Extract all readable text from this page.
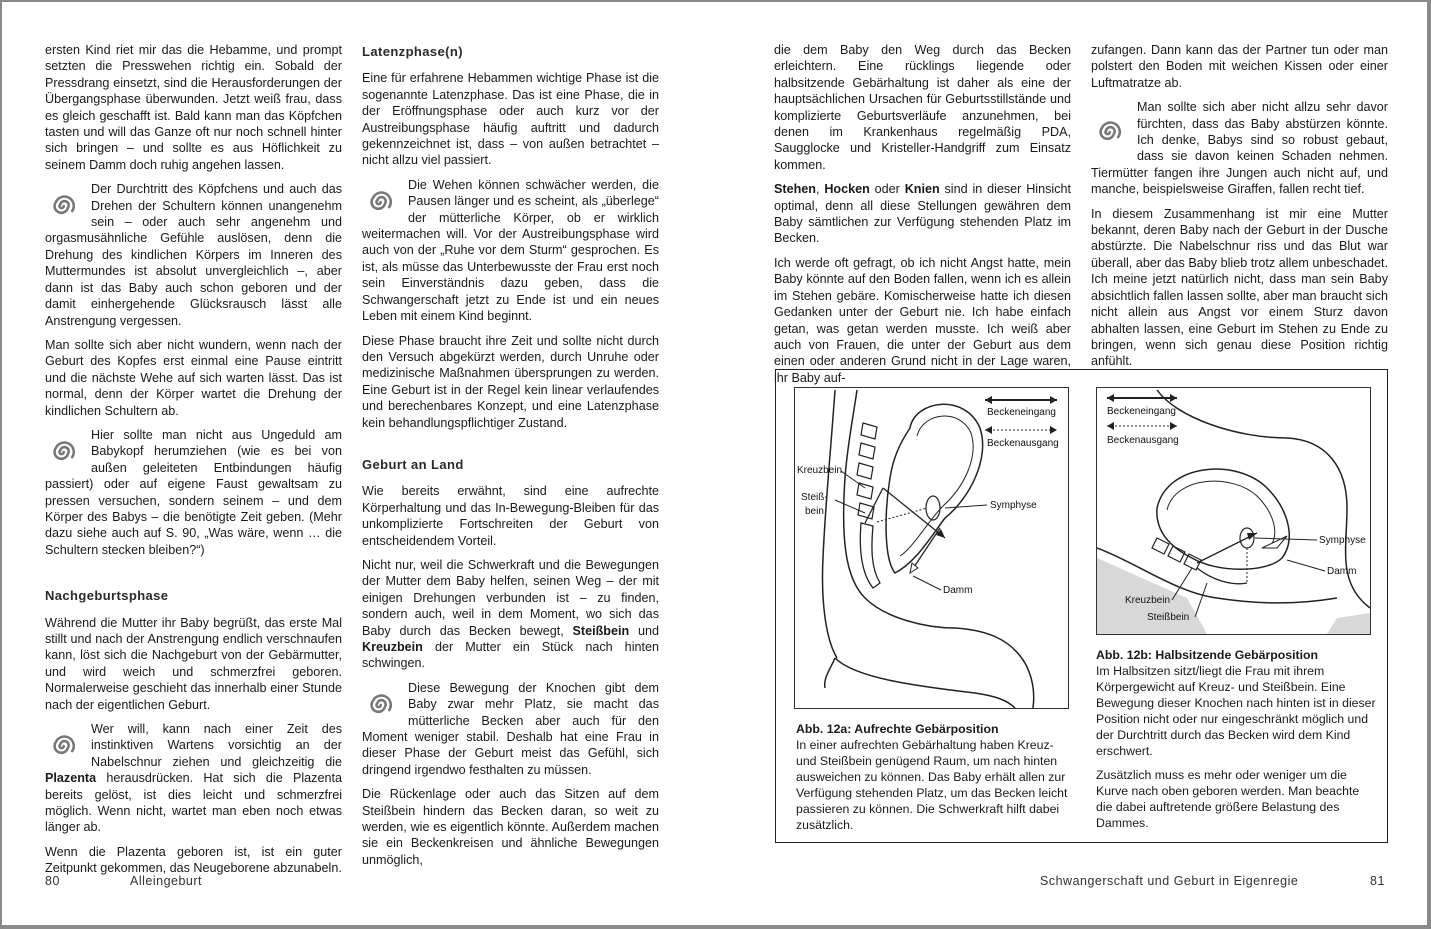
ersten Kind riet mir das die Hebamme, und prompt setzten die Presswehen richtig ein. Sobald der Pressdrang einsetzt, sind die Herausforderungen der Übergangsphase überwunden. Jetzt weiß frau, dass es gleich geschafft ist. Bald kann man das Köpfchen tasten und will das Ganze oft nur noch schnell hinter sich bringen – und sollte es aus Höflichkeit zu seinem Damm doch ruhig angehen lassen.

Der Durchtritt des Köpfchens und auch das Drehen der Schultern können unangenehm sein – oder auch sehr angenehm und orgasmusähnliche Gefühle auslösen, denn die Drehung des kindlichen Körpers im Inneren des Muttermundes ist absolut unvergleichlich –, aber dann ist das Baby auch schon geboren und der damit einhergehende Glücksrausch lässt alle Anstrengung vergessen.

Man sollte sich aber nicht wundern, wenn nach der Geburt des Kopfes erst einmal eine Pause eintritt und die nächste Wehe auf sich warten lässt. Das ist normal, denn der Körper wartet die Drehung der kindlichen Schultern ab.

Hier sollte man nicht aus Ungeduld am Babykopf herumziehen (wie es bei von außen geleiteten Entbindungen häufig passiert) oder auf eigene Faust gewaltsam zu pressen versuchen, sondern seinem – und dem Körper des Babys – die benötigte Zeit geben. (Mehr dazu siehe auch auf S. 90, „Was wäre, wenn … die Schultern stecken bleiben?“)

Nachgeburtsphase

Während die Mutter ihr Baby begrüßt, das erste Mal stillt und nach der Anstrengung endlich verschnaufen kann, löst sich die Nachgeburt von der Gebärmutter, und wird weich und schmerzfrei geboren. Normalerweise geschieht das innerhalb einer Stunde nach der eigentlichen Geburt.

Wer will, kann nach einer Zeit des instinktiven Wartens vorsichtig an der Nabelschnur ziehen und gleichzeitig die Plazenta herausdrücken. Hat sich die Plazenta bereits gelöst, ist dies leicht und schmerzfrei möglich. Wenn nicht, wartet man eben noch etwas länger ab.

Wenn die Plazenta geboren ist, ist ein guter Zeitpunkt gekommen, das Neugeborene abzunabeln.

Latenzphase(n)

Eine für erfahrene Hebammen wichtige Phase ist die sogenannte Latenzphase. Das ist eine Phase, die in der Eröffnungsphase oder auch kurz vor der Austreibungsphase häufig auftritt und dadurch gekennzeichnet ist, dass – von außen betrachtet – nicht allzu viel passiert.

Die Wehen können schwächer werden, die Pausen länger und es scheint, als „überlege“ der mütterliche Körper, ob er wirklich weitermachen will. Vor der Austreibungsphase wird auch von der „Ruhe vor dem Sturm“ gesprochen. Es ist, als müsse das Unterbewusste der Frau erst noch sein Einverständnis dazu geben, dass die Schwangerschaft jetzt zu Ende ist und ein neues Leben mit einem Kind beginnt.

Diese Phase braucht ihre Zeit und sollte nicht durch den Versuch abgekürzt werden, durch Unruhe oder medizinische Maßnahmen übersprungen zu werden. Eine Geburt ist in der Regel kein linear verlaufendes und berechenbares Konzept, und eine Latenzphase kein behandlungspflichtiger Zustand.

Geburt an Land

Wie bereits erwähnt, sind eine aufrechte Körperhaltung und das In-Bewegung-Bleiben für das unkomplizierte Fortschreiten der Geburt von entscheidendem Vorteil.

Nicht nur, weil die Schwerkraft und die Bewegungen der Mutter dem Baby helfen, seinen Weg – der mit einigen Drehungen verbunden ist – zu finden, sondern auch, weil in dem Moment, wo sich das Baby durch das Becken bewegt, Steißbein und Kreuzbein der Mutter ein Stück nach hinten schwingen.

Diese Bewegung der Knochen gibt dem Baby zwar mehr Platz, sie macht das mütterliche Becken aber auch für den Moment weniger stabil. Deshalb hat eine Frau in dieser Phase der Geburt meist das Gefühl, sich dringend irgendwo festhalten zu müssen.

Die Rückenlage oder auch das Sitzen auf dem Steißbein hindern das Becken daran, so weit zu werden, wie es eigentlich könnte. Außerdem machen sie ein Beckenkreisen und ähnliche Bewegungen unmöglich,

die dem Baby den Weg durch das Becken erleichtern. Eine rücklings liegende oder halbsitzende Gebärhaltung ist daher als eine der hauptsächlichen Ursachen für Geburtsstillstände und komplizierte Geburtsverläufe anzunehmen, bei denen im Krankenhaus regelmäßig PDA, Saugglocke und Kristeller-Handgriff zum Einsatz kommen.

Stehen, Hocken oder Knien sind in dieser Hinsicht optimal, denn all diese Stellungen gewähren dem Baby sämtlichen zur Verfügung stehenden Platz im Becken.

Ich werde oft gefragt, ob ich nicht Angst hatte, mein Baby könnte auf den Boden fallen, wenn ich es allein im Stehen gebäre. Komischerweise hatte ich diesen Gedanken unter der Geburt nie. Ich habe einfach getan, was getan werden musste. Ich weiß aber auch von Frauen, die unter der Geburt aus dem einen oder anderen Grund nicht in der Lage waren, ihr Baby auf-

zufangen. Dann kann das der Partner tun oder man polstert den Boden mit weichen Kissen oder einer Luftmatratze ab.

Man sollte sich aber nicht allzu sehr davor fürchten, dass das Baby abstürzen könnte. Ich denke, Babys sind so robust gebaut, dass sie davon keinen Schaden nehmen. Tiermütter fangen ihre Jungen auch nicht auf, und manche, beispielsweise Giraffen, fallen recht tief.

In diesem Zusammenhang ist mir eine Mutter bekannt, deren Baby nach der Geburt in der Dusche abstürzte. Die Nabelschnur riss und das Blut war überall, aber das Baby blieb trotz allem unbeschadet. Ich meine jetzt natürlich nicht, dass man sein Baby absichtlich fallen lassen sollte, aber man braucht sich nicht allein aus Angst vor einem Sturz davon abhalten lassen, eine Geburt im Stehen zu Ende zu bringen, wenn sich genau diese Position richtig anfühlt.

Beckeneingang
Beckenausgang
Kreuzbein
Steiß-
bein
Symphyse
Damm
Abb. 12a: Aufrechte Gebärposition
In einer aufrechten Gebärhaltung haben Kreuz- und Steißbein genügend Raum, um nach hinten ausweichen zu können. Das Baby erhält allen zur Verfügung stehenden Platz, um das Becken leicht passieren zu können. Die Schwerkraft hilft dabei zusätzlich.
Beckeneingang
Beckenausgang
Symphyse
Damm
Kreuzbein
Steißbein
Abb. 12b: Halbsitzende Gebärposition

Im Halbsitzen sitzt/liegt die Frau mit ihrem Körpergewicht auf Kreuz- und Steißbein. Eine Bewegung dieser Knochen nach hinten ist in dieser Position nicht oder nur eingeschränkt möglich und der Durchtritt durch das Becken wird dem Kind erschwert.

Zusätzlich muss es mehr oder weniger um die Kurve nach oben geboren werden. Man beachte die dabei auftretende größere Belastung des Dammes.

80	Alleingeburt	Schwangerschaft und Geburt in Eigenregie	81
